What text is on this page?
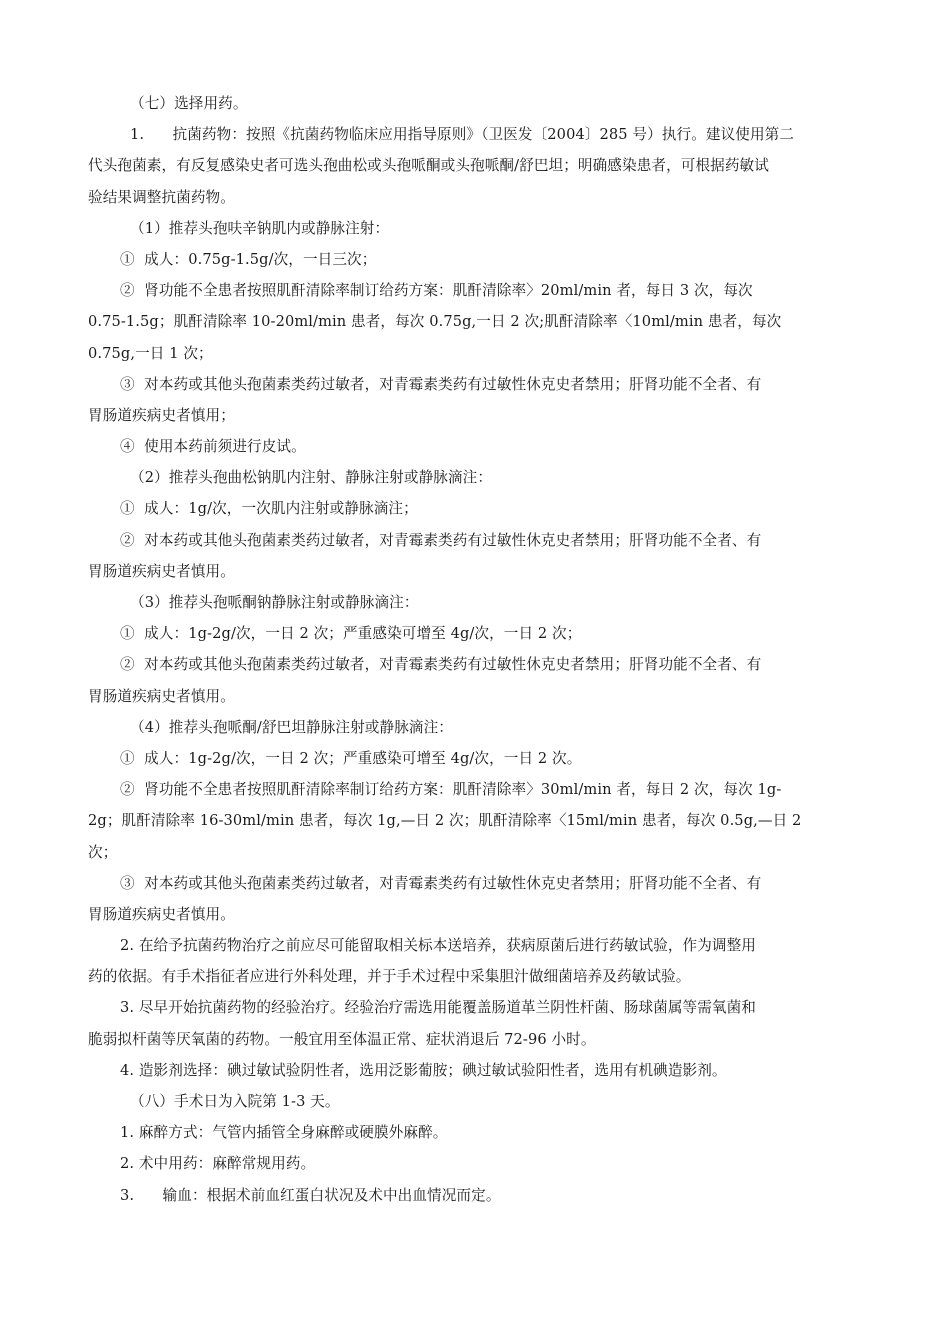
（七）选择用药。

1.      抗菌药物：按照《抗菌药物临床应用指导原则》（卫医发〔2004〕285 号）执行。建议使用第二

代头孢菌素，有反复感染史者可选头孢曲松或头孢哌酮或头孢哌酮/舒巴坦；明确感染患者，可根据药敏试

验结果调整抗菌药物。

（1）推荐头孢呋辛钠肌内或静脉注射：

①  成人：0.75g-1.5g/次，一日三次；

②  肾功能不全患者按照肌酐清除率制订给药方案：肌酐清除率〉20ml/min 者，每日 3 次，每次

0.75-1.5g；肌酐清除率 10-20ml/min 患者，每次 0.75g,一日 2 次;肌酐清除率〈10ml/min 患者，每次

0.75g,一日 1 次；

③  对本药或其他头孢菌素类药过敏者，对青霉素类药有过敏性休克史者禁用；肝肾功能不全者、有

胃肠道疾病史者慎用；

④  使用本药前须进行皮试。

（2）推荐头孢曲松钠肌内注射、静脉注射或静脉滴注：

①  成人：1g/次，一次肌内注射或静脉滴注；

②  对本药或其他头孢菌素类药过敏者，对青霉素类药有过敏性休克史者禁用；肝肾功能不全者、有

胃肠道疾病史者慎用。

（3）推荐头孢哌酮钠静脉注射或静脉滴注：

①  成人：1g-2g/次，一日 2 次；严重感染可增至 4g/次，一日 2 次；

②  对本药或其他头孢菌素类药过敏者，对青霉素类药有过敏性休克史者禁用；肝肾功能不全者、有

胃肠道疾病史者慎用。

（4）推荐头孢哌酮/舒巴坦静脉注射或静脉滴注：

①  成人：1g-2g/次，一日 2 次；严重感染可增至 4g/次，一日 2 次。

②  肾功能不全患者按照肌酐清除率制订给药方案：肌酐清除率〉30ml/min 者，每日 2 次，每次 1g-

2g；肌酐清除率 16-30ml/min 患者，每次 1g,—日 2 次；肌酐清除率〈15ml/min 患者，每次 0.5g,—日 2

次；

③  对本药或其他头孢菌素类药过敏者，对青霉素类药有过敏性休克史者禁用；肝肾功能不全者、有

胃肠道疾病史者慎用。

2. 在给予抗菌药物治疗之前应尽可能留取相关标本送培养，获病原菌后进行药敏试验，作为调整用

药的依据。有手术指征者应进行外科处理，并于手术过程中采集胆汁做细菌培养及药敏试验。

3. 尽早开始抗菌药物的经验治疗。经验治疗需选用能覆盖肠道革兰阴性杆菌、肠球菌属等需氧菌和

脆弱拟杆菌等厌氧菌的药物。一般宜用至体温正常、症状消退后 72-96 小时。

4. 造影剂选择：碘过敏试验阴性者，选用泛影葡胺；碘过敏试验阳性者，选用有机碘造影剂。

（八）手术日为入院第 1-3 天。

1. 麻醉方式：气管内插管全身麻醉或硬膜外麻醉。

2. 术中用药：麻醉常规用药。

3.      输血：根据术前血红蛋白状况及术中出血情况而定。
